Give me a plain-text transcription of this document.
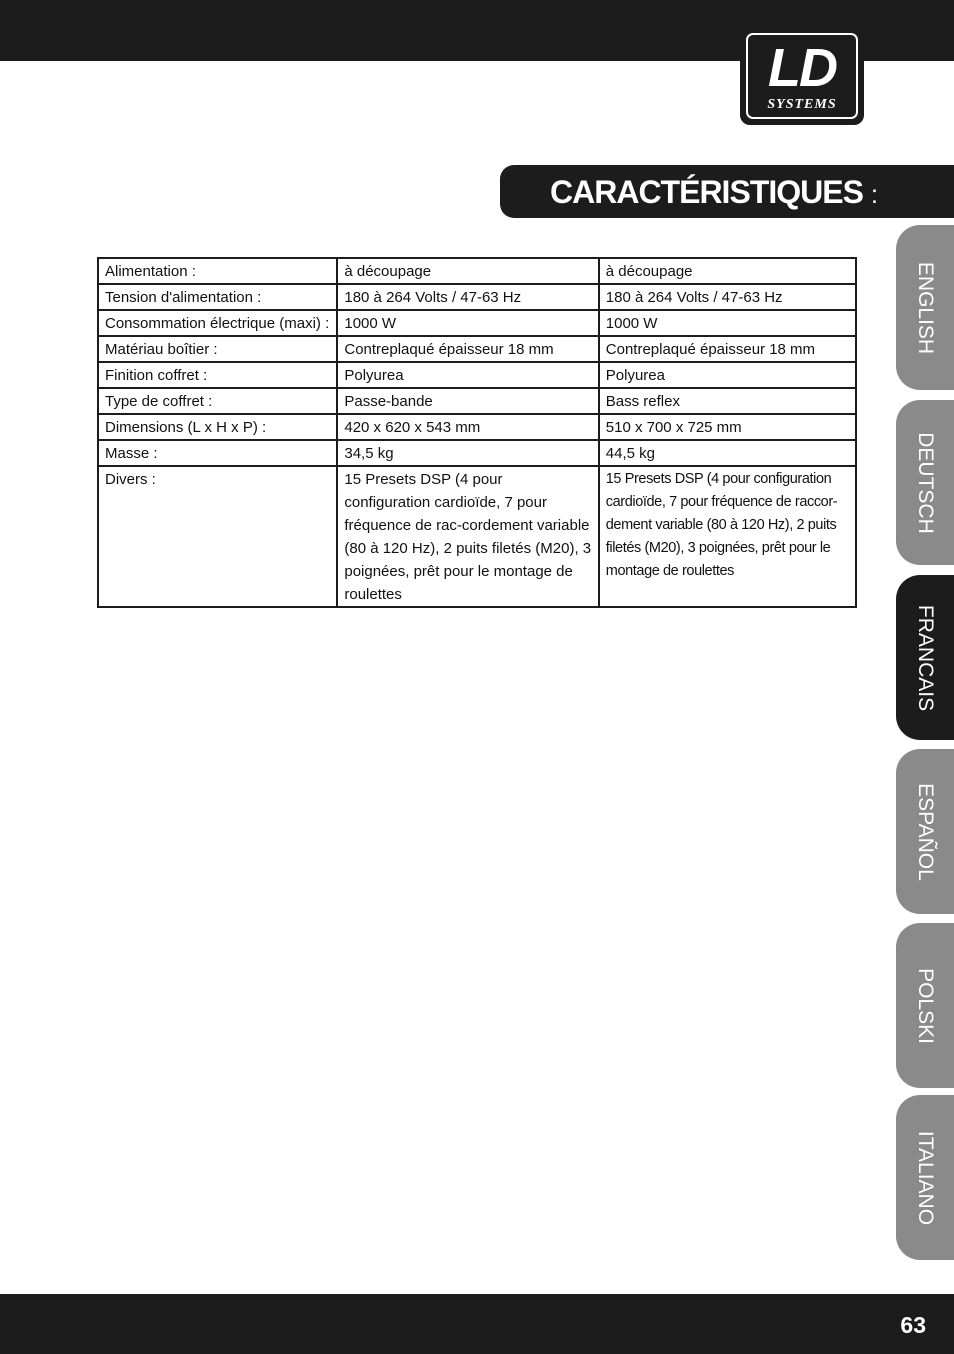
LD
SYSTEMS
CARACTÉRISTIQUES :
Alimentation :	à découpage	à découpage
Tension d'alimentation :	180 à 264 Volts / 47-63 Hz	180 à 264 Volts / 47-63 Hz
Consommation électrique (maxi) :	1000 W	1000 W
Matériau boîtier :	Contreplaqué épaisseur 18 mm	Contreplaqué épaisseur 18 mm
Finition coffret :	Polyurea	Polyurea
Type de coffret :	Passe-bande	Bass reflex
Dimensions (L x H x P) :	420 x 620 x 543 mm	510 x 700 x 725 mm
Masse :	34,5 kg	44,5 kg
Divers :	15 Presets DSP (4 pour configuration cardioïde, 7 pour fréquence de rac-cordement variable (80 à 120 Hz), 2 puits filetés (M20), 3 poignées, prêt pour le montage de roulettes	15 Presets DSP (4 pour configuration cardioïde, 7 pour fréquence de raccor-dement variable (80 à 120 Hz), 2 puits filetés (M20), 3 poignées, prêt pour le montage de roulettes
ENGLISH
DEUTSCH
FRANCAIS
ESPAÑOL
POLSKI
ITALIANO
63
